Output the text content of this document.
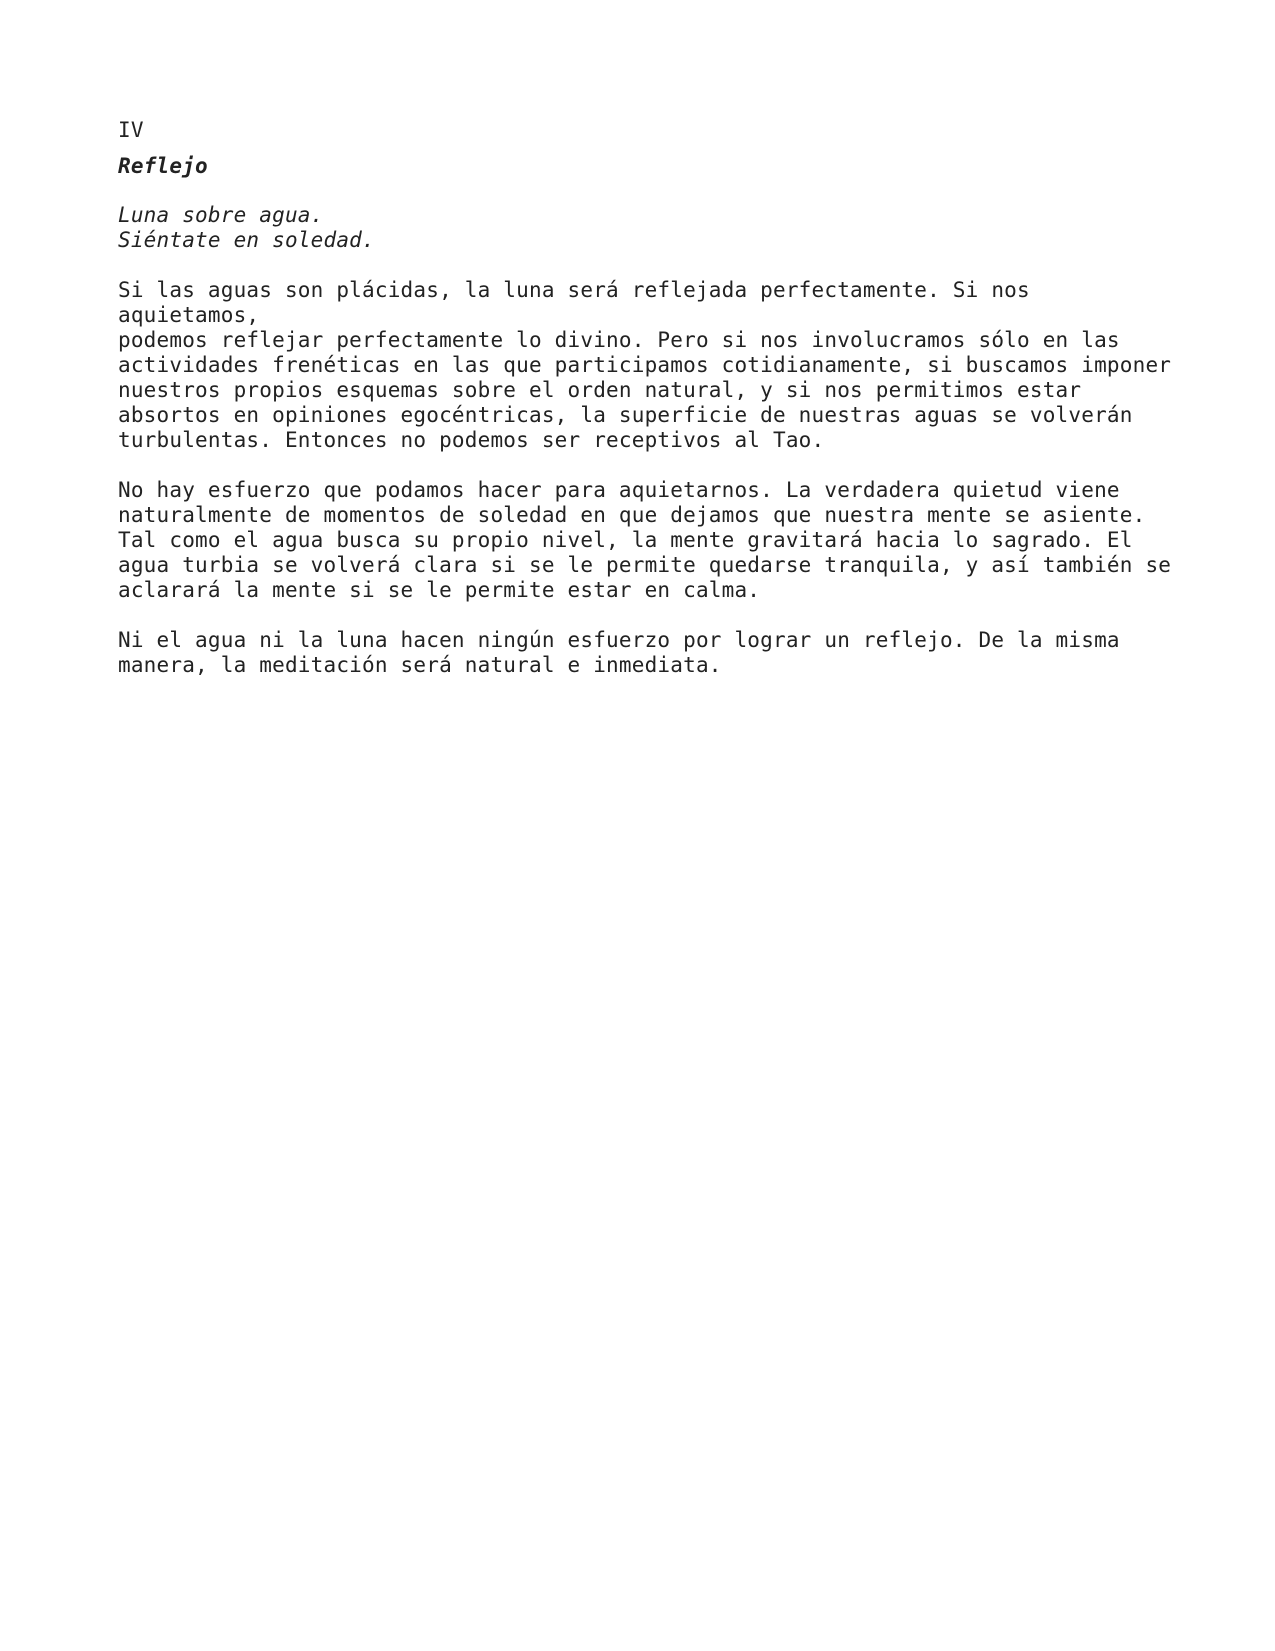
IV
Reflejo
Luna sobre agua.
Siéntate en soledad.

Si las aguas son plácidas, la luna será reflejada perfectamente. Si nos aquietamos,
podemos reflejar perfectamente lo divino. Pero si nos involucramos sólo en las
actividades frenéticas en las que participamos cotidianamente, si buscamos imponer
nuestros propios esquemas sobre el orden natural, y si nos permitimos estar
absortos en opiniones egocéntricas, la superficie de nuestras aguas se volverán
turbulentas. Entonces no podemos ser receptivos al Tao.

No hay esfuerzo que podamos hacer para aquietarnos. La verdadera quietud viene
naturalmente de momentos de soledad en que dejamos que nuestra mente se asiente.
Tal como el agua busca su propio nivel, la mente gravitará hacia lo sagrado. El
agua turbia se volverá clara si se le permite quedarse tranquila, y así también se
aclarará la mente si se le permite estar en calma.

Ni el agua ni la luna hacen ningún esfuerzo por lograr un reflejo. De la misma
manera, la meditación será natural e inmediata.
